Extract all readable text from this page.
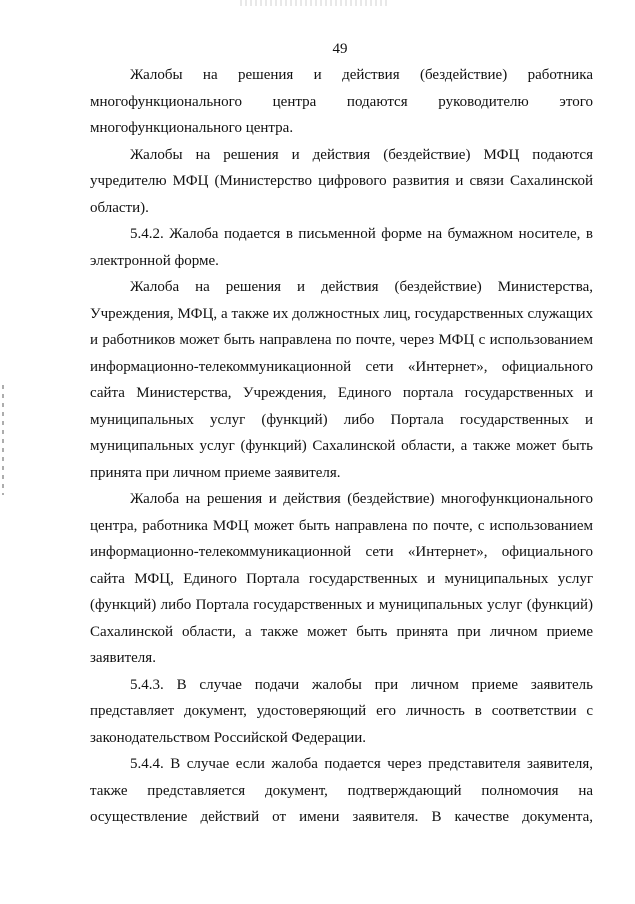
49

Жалобы на решения и действия (бездействие) работника многофункционального центра подаются руководителю этого многофункционального центра.

Жалобы на решения и действия (бездействие) МФЦ подаются учредителю МФЦ (Министерство цифрового развития и связи Сахалинской области).

5.4.2. Жалоба подается в письменной форме на бумажном носителе, в электронной форме.

Жалоба на решения и действия (бездействие) Министерства, Учреждения, МФЦ, а также их должностных лиц, государственных служащих и работников может быть направлена по почте, через МФЦ с использованием информационно-телекоммуникационной сети «Интернет», официального сайта Министерства, Учреждения, Единого портала государственных и муниципальных услуг (функций) либо Портала государственных и муниципальных услуг (функций) Сахалинской области, а также может быть принята при личном приеме заявителя.

Жалоба на решения и действия (бездействие) многофункционального центра, работника МФЦ может быть направлена по почте, с использованием информационно-телекоммуникационной сети «Интернет», официального сайта МФЦ, Единого Портала государственных и муниципальных услуг (функций) либо Портала государственных и муниципальных услуг (функций) Сахалинской области, а также может быть принята при личном приеме заявителя.

5.4.3. В случае подачи жалобы при личном приеме заявитель представляет документ, удостоверяющий его личность в соответствии с законодательством Российской Федерации.

5.4.4. В случае если жалоба подается через представителя заявителя, также представляется документ, подтверждающий полномочия на осуществление действий от имени заявителя. В качестве документа,
